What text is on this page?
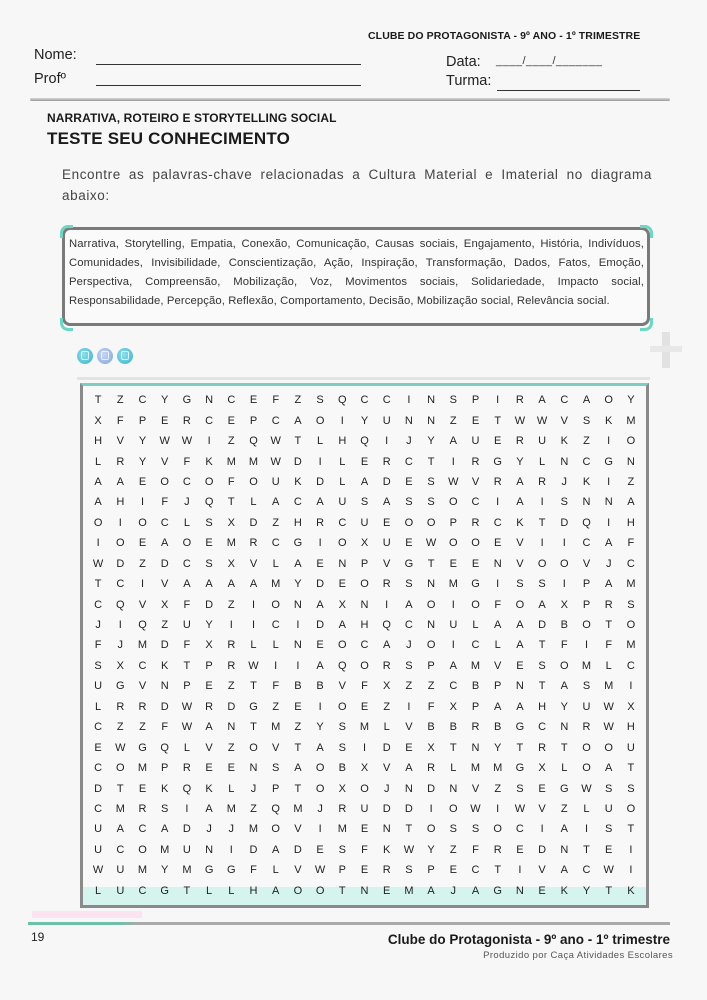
CLUBE DO PROTAGONISTA - 9º ANO - 1º TRIMESTRE
Nome:
Profº
Data: ____/____/_______
Turma:
NARRATIVA, ROTEIRO E STORYTELLING SOCIAL
TESTE SEU CONHECIMENTO
Encontre as palavras-chave relacionadas a Cultura Material e Imaterial no diagrama abaixo:
Narrativa, Storytelling, Empatia, Conexão, Comunicação, Causas sociais, Engajamento, História, Indivíduos, Comunidades, Invisibilidade, Conscientização, Ação, Inspiração, Transformação, Dados, Fatos, Emoção, Perspectiva, Compreensão, Mobilização, Voz, Movimentos sociais, Solidariedade, Impacto social, Responsabilidade, Percepção, Reflexão, Comportamento, Decisão, Mobilização social, Relevância social.
T	Z	C	Y	G	N	C	E	F	Z	S	Q	C	C	I	N	S	P	I	R	A	C	A	O	Y
X	F	P	E	R	C	E	P	C	A	O	I	Y	U	N	N	Z	E	T	W	W	V	S	K	M
H	V	Y	W	W	I	Z	Q	W	T	L	H	Q	I	J	Y	A	U	E	R	U	K	Z	I	O
L	R	Y	V	F	K	M	M	W	D	I	L	E	R	C	T	I	R	G	Y	L	N	C	G	N
A	A	E	O	C	O	F	O	U	K	D	L	A	D	E	S	W	V	R	A	R	J	K	I	Z
A	H	I	F	J	Q	T	L	A	C	A	U	S	A	S	S	O	C	I	A	I	S	N	N	A
O	I	O	C	L	S	X	D	Z	H	R	C	U	E	O	O	P	R	C	K	T	D	Q	I	H
I	O	E	A	O	E	M	R	C	G	I	O	X	U	E	W	O	O	E	V	I	I	C	A	F
W	D	Z	D	C	S	X	V	L	A	E	N	P	V	G	T	E	E	N	V	O	O	V	J	C
T	C	I	V	A	A	A	A	M	Y	D	E	O	R	S	N	M	G	I	S	S	I	P	A	M
C	Q	V	X	F	D	Z	I	O	N	A	X	N	I	A	O	I	O	F	O	A	X	P	R	S
J	I	Q	Z	U	Y	I	I	C	I	D	A	H	Q	C	N	U	L	A	A	D	B	O	T	O
F	J	M	D	F	X	R	L	L	N	E	O	C	A	J	O	I	C	L	A	T	F	I	F	M
S	X	C	K	T	P	R	W	I	I	A	Q	O	R	S	P	A	M	V	E	S	O	M	L	C
U	G	V	N	P	E	Z	T	F	B	B	V	F	X	Z	Z	C	B	P	N	T	A	S	M	I
L	R	R	D	W	R	D	G	Z	E	I	O	E	Z	I	F	X	P	A	A	H	Y	U	W	X
C	Z	Z	F	W	A	N	T	M	Z	Y	S	M	L	V	B	B	R	B	G	C	N	R	W	H
E	W	G	Q	L	V	Z	O	V	T	A	S	I	D	E	X	T	N	Y	T	R	T	O	O	U
C	O	M	P	R	E	E	N	S	A	O	B	X	V	A	R	L	M	M	G	X	L	O	A	T
D	T	E	K	Q	K	L	J	P	T	O	X	O	J	N	D	N	V	Z	S	E	G	W	S	S
C	M	R	S	I	A	M	Z	Q	M	J	R	U	D	D	I	O	W	I	W	V	Z	L	U	O
U	A	C	A	D	J	J	M	O	V	I	M	E	N	T	O	S	S	O	C	I	A	I	S	T
U	C	O	M	U	N	I	D	A	D	E	S	F	K	W	Y	Z	F	R	E	D	N	T	E	I
W	U	M	Y	M	G	G	F	L	V	W	P	E	R	S	P	E	C	T	I	V	A	C	W	I
L	U	C	G	T	L	L	H	A	O	O	T	N	E	M	A	J	A	G	N	E	K	Y	T	K
19	Clube do Protagonista - 9º ano - 1º trimestre
Produzido por Caça Atividades Escolares
